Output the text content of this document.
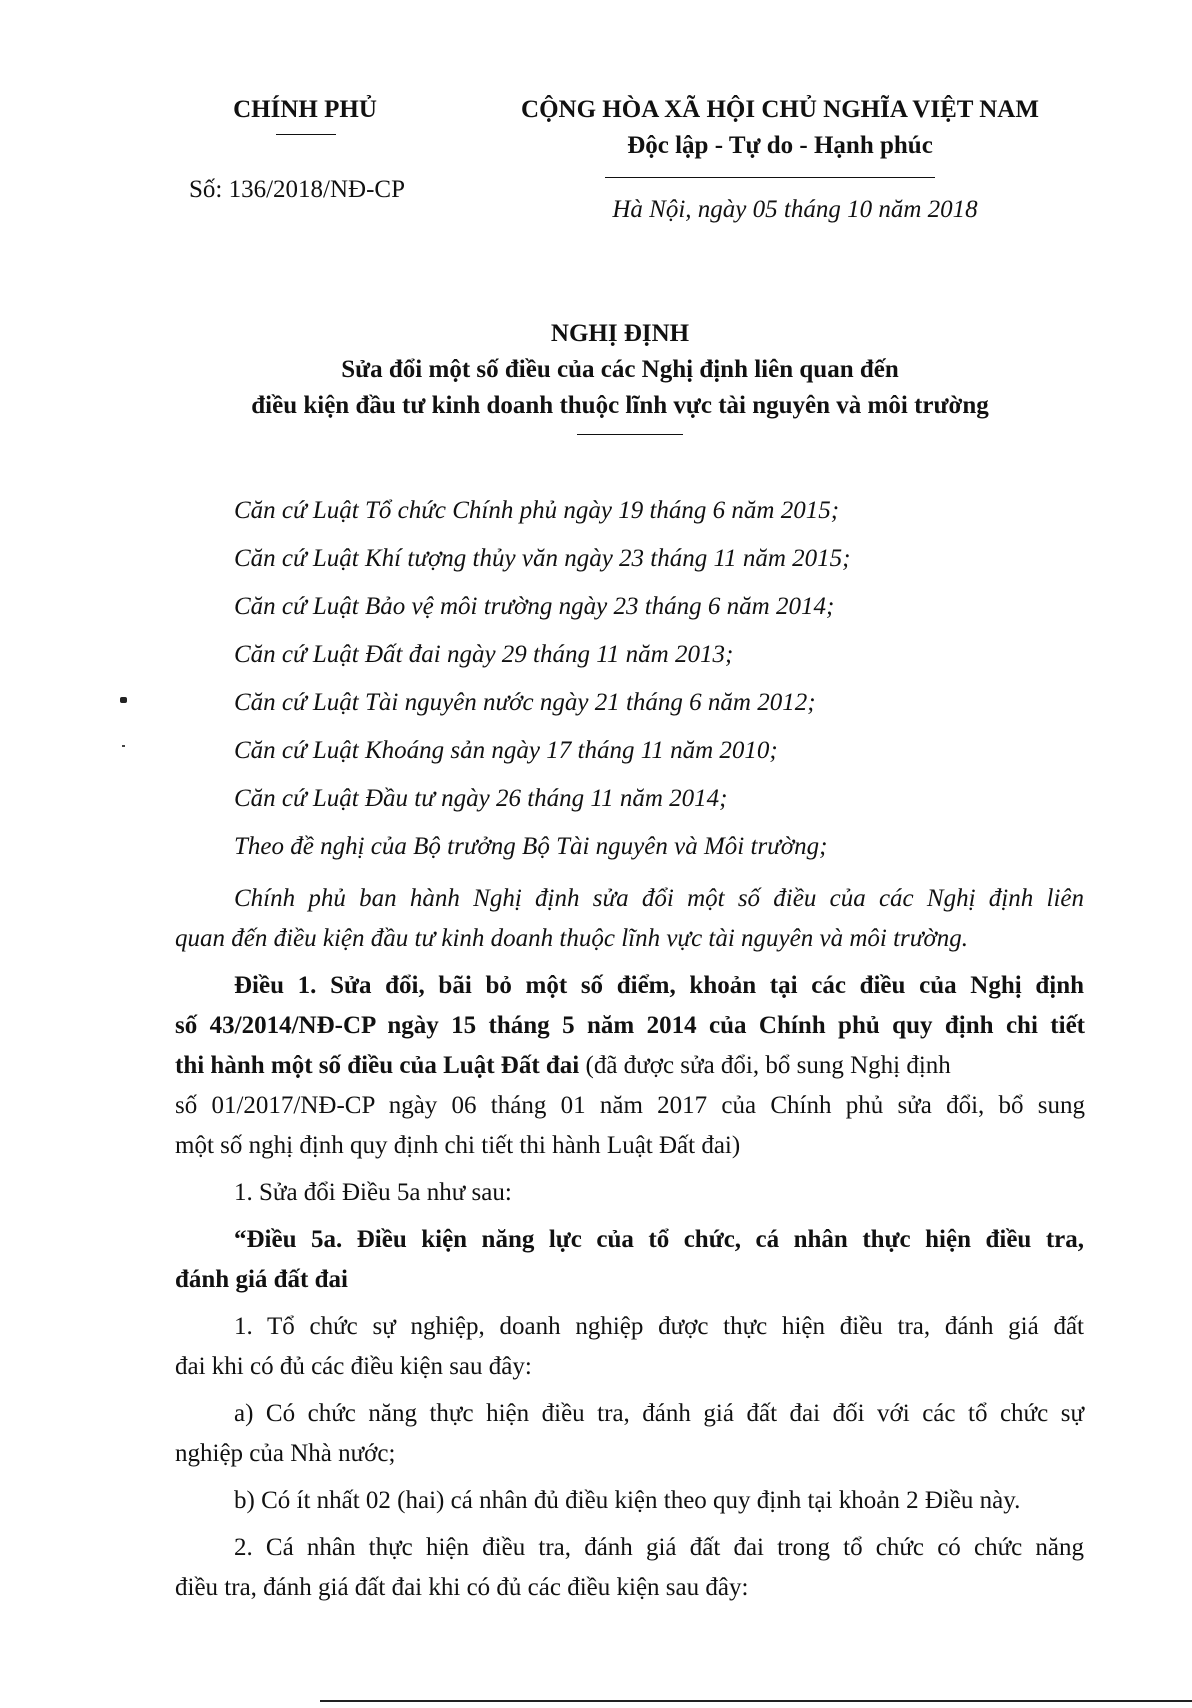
CHÍNH PHỦ
Số: 136/2018/NĐ-CP
CỘNG HÒA XÃ HỘI CHỦ NGHĨA VIỆT NAM
Độc lập - Tự do - Hạnh phúc
Hà Nội, ngày 05 tháng 10 năm 2018
NGHỊ ĐỊNH
Sửa đổi một số điều của các Nghị định liên quan đến
điều kiện đầu tư kinh doanh thuộc lĩnh vực tài nguyên và môi trường
Căn cứ Luật Tổ chức Chính phủ ngày 19 tháng 6 năm 2015;
Căn cứ Luật Khí tượng thủy văn ngày 23 tháng 11 năm 2015;
Căn cứ Luật Bảo vệ môi trường ngày 23 tháng 6 năm 2014;
Căn cứ Luật Đất đai ngày 29 tháng 11 năm 2013;
Căn cứ Luật Tài nguyên nước ngày 21 tháng 6 năm 2012;
Căn cứ Luật Khoáng sản ngày 17 tháng 11 năm 2010;
Căn cứ Luật Đầu tư ngày 26 tháng 11 năm 2014;
Theo đề nghị của Bộ trưởng Bộ Tài nguyên và Môi trường;
Chính phủ ban hành Nghị định sửa đổi một số điều của các Nghị định liên
quan đến điều kiện đầu tư kinh doanh thuộc lĩnh vực tài nguyên và môi trường.
Điều 1. Sửa đổi, bãi bỏ một số điểm, khoản tại các điều của Nghị định
số 43/2014/NĐ-CP ngày 15 tháng 5 năm 2014 của Chính phủ quy định chi tiết
thi hành một số điều của Luật Đất đai (đã được sửa đổi, bổ sung Nghị định
số 01/2017/NĐ-CP ngày 06 tháng 01 năm 2017 của Chính phủ sửa đổi, bổ sung
một số nghị định quy định chi tiết thi hành Luật Đất đai)
1. Sửa đổi Điều 5a như sau:
“Điều 5a. Điều kiện năng lực của tổ chức, cá nhân thực hiện điều tra,
đánh giá đất đai
1. Tổ chức sự nghiệp, doanh nghiệp được thực hiện điều tra, đánh giá đất
đai khi có đủ các điều kiện sau đây:
a) Có chức năng thực hiện điều tra, đánh giá đất đai đối với các tổ chức sự
nghiệp của Nhà nước;
b) Có ít nhất 02 (hai) cá nhân đủ điều kiện theo quy định tại khoản 2 Điều này.
2. Cá nhân thực hiện điều tra, đánh giá đất đai trong tổ chức có chức năng
điều tra, đánh giá đất đai khi có đủ các điều kiện sau đây:
